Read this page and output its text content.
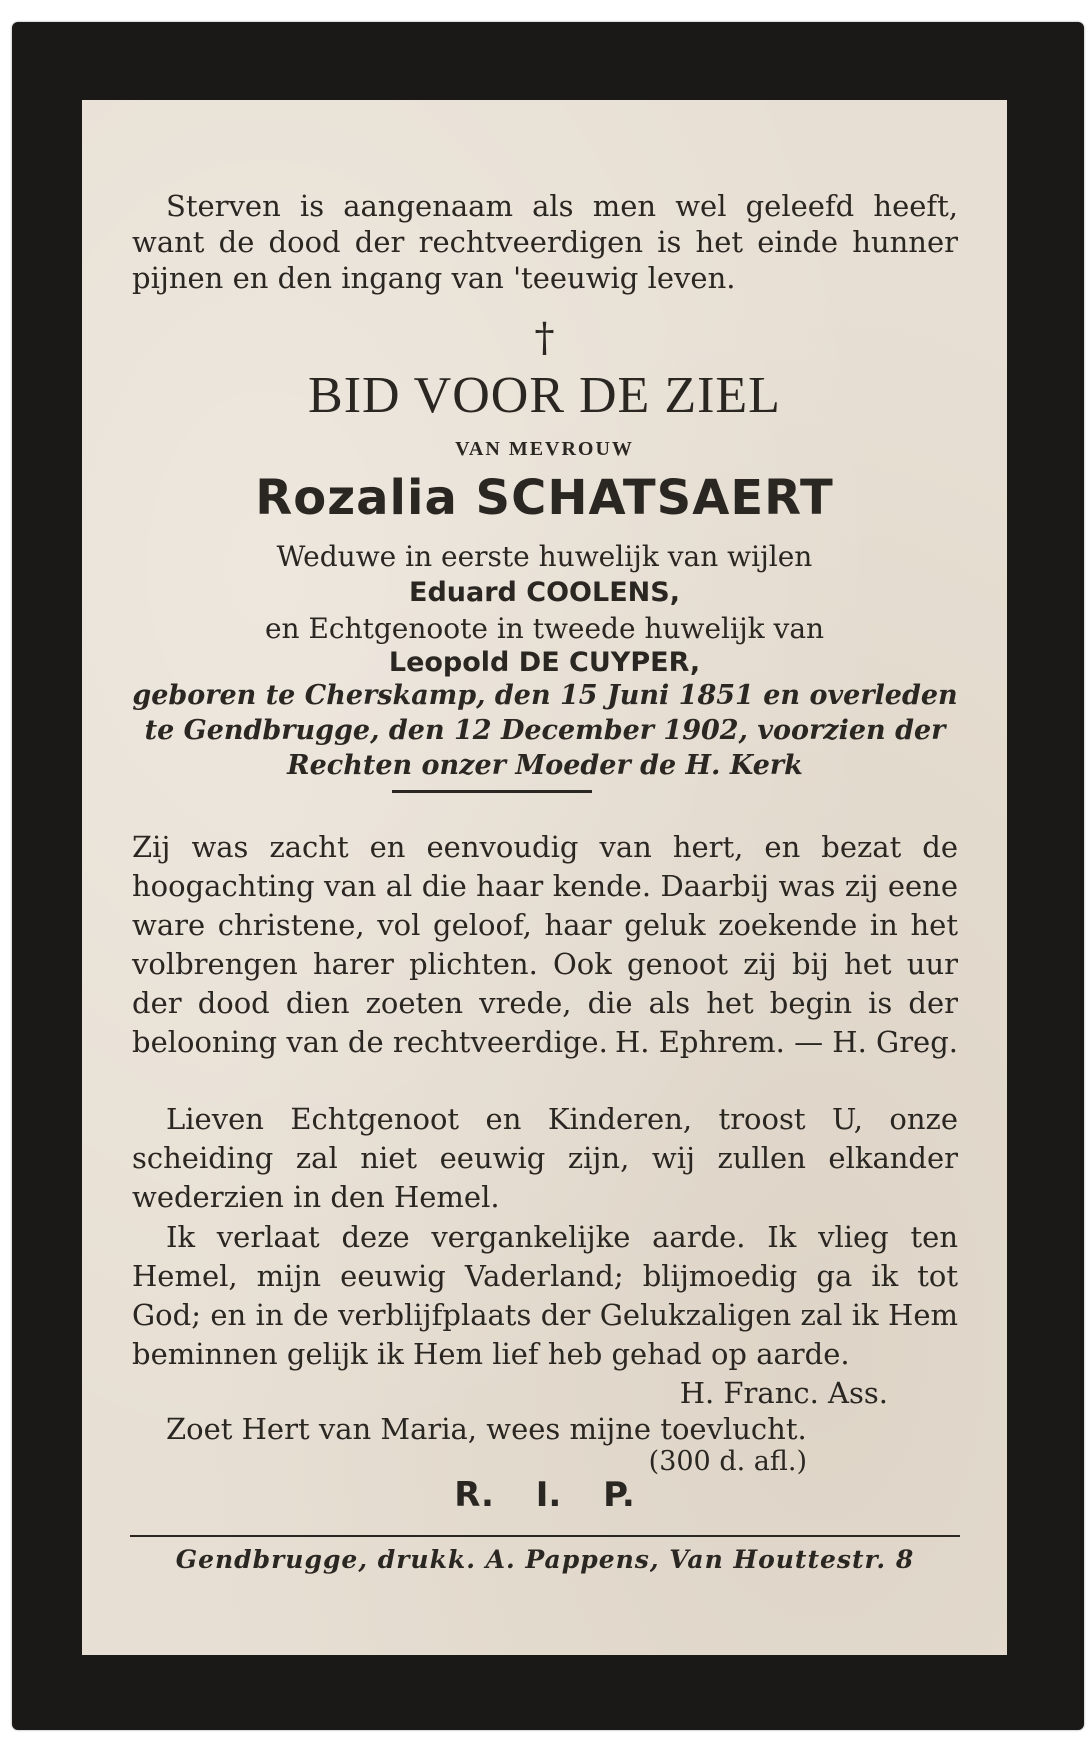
Sterven is aangenaam als men wel geleefd heeft, want de dood der rechtveerdigen is het einde hunner pijnen en den ingang van 'teeuwig leven.

†
BID VOOR DE ZIEL
VAN MEVROUW
Rozalia SCHATSAERT
Weduwe in eerste huwelijk van wijlen
Eduard COOLENS,
en Echtgenoote in tweede huwelijk van
Leopold DE CUYPER,
geboren te Cherskamp, den 15 Juni 1851 en overleden te Gendbrugge, den 12 December 1902, voorzien der Rechten onzer Moeder de H. Kerk
Zij was zacht en eenvoudig van hert, en bezat de hoogachting van al die haar kende. Daarbij was zij eene ware christene, vol geloof, haar geluk zoekende in het volbrengen harer plichten. Ook genoot zij bij het uur der dood dien zoeten vrede, die als het begin is der belooning van de rechtveerdige. H. Ephrem. — H. Greg.

Lieven Echtgenoot en Kinderen, troost U, onze scheiding zal niet eeuwig zijn, wij zullen elkander wederzien in den Hemel.

Ik verlaat deze vergankelijke aarde. Ik vlieg ten Hemel, mijn eeuwig Vaderland; blijmoedig ga ik tot God; en in de verblijfplaats der Gelukzaligen zal ik Hem beminnen gelijk ik Hem lief heb gehad op aarde.
H. Franc. Ass.

Zoet Hert van Maria, wees mijne toevlucht.

(300 d. afl.)
R. I. P.
Gendbrugge, drukk. A. Pappens, Van Houttestr. 8
